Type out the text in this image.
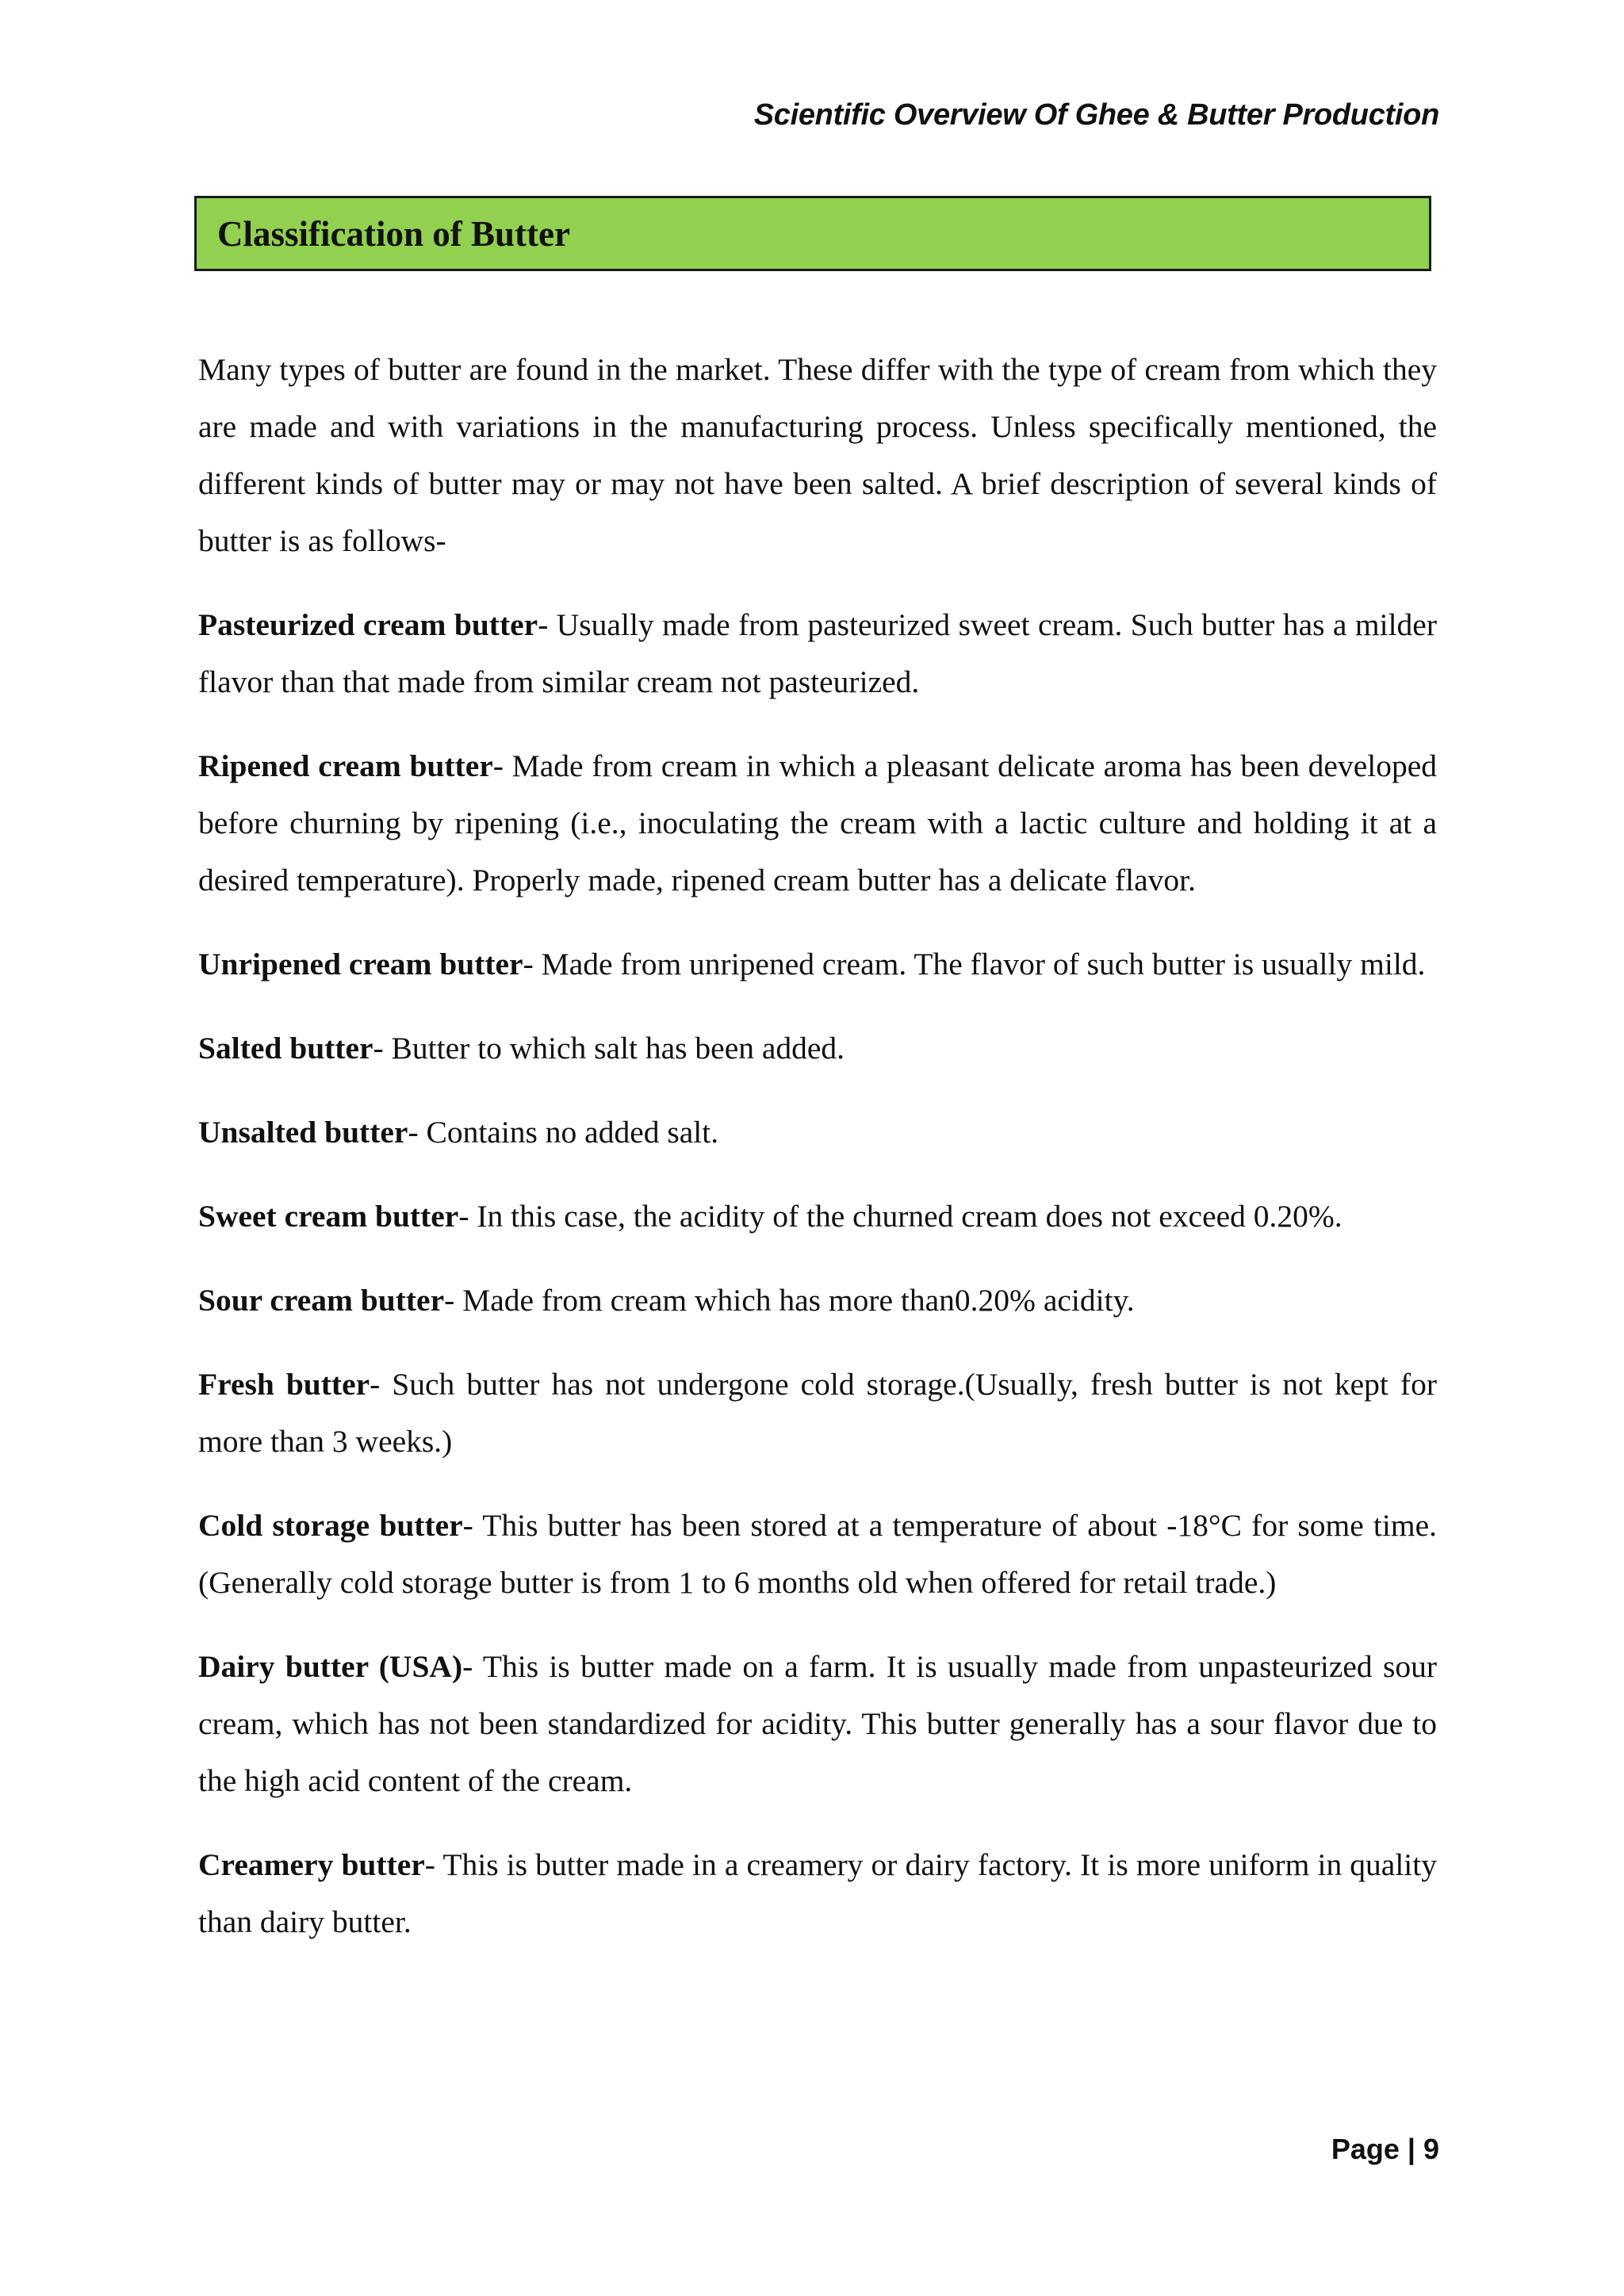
Scientific Overview Of Ghee & Butter Production
Classification of Butter

Many types of butter are found in the market. These differ with the type of cream from which they are made and with variations in the manufacturing process. Unless specifically mentioned, the different kinds of butter may or may not have been salted. A brief description of several kinds of butter is as follows-

Pasteurized cream butter- Usually made from pasteurized sweet cream. Such butter has a milder flavor than that made from similar cream not pasteurized.

Ripened cream butter- Made from cream in which a pleasant delicate aroma has been developed before churning by ripening (i.e., inoculating the cream with a lactic culture and holding it at a desired temperature). Properly made, ripened cream butter has a delicate flavor.

Unripened cream butter- Made from unripened cream. The flavor of such butter is usually mild.

Salted butter- Butter to which salt has been added.

Unsalted butter- Contains no added salt.

Sweet cream butter- In this case, the acidity of the churned cream does not exceed 0.20%.

Sour cream butter- Made from cream which has more than0.20% acidity.

Fresh butter- Such butter has not undergone cold storage.(Usually, fresh butter is not kept for more than 3 weeks.)

Cold storage butter- This butter has been stored at a temperature of about -18°C for some time. (Generally cold storage butter is from 1 to 6 months old when offered for retail trade.)

Dairy butter (USA)- This is butter made on a farm. It is usually made from unpasteurized sour cream, which has not been standardized for acidity. This butter generally has a sour flavor due to the high acid content of the cream.

Creamery butter- This is butter made in a creamery or dairy factory. It is more uniform in quality than dairy butter.

Page | 9
